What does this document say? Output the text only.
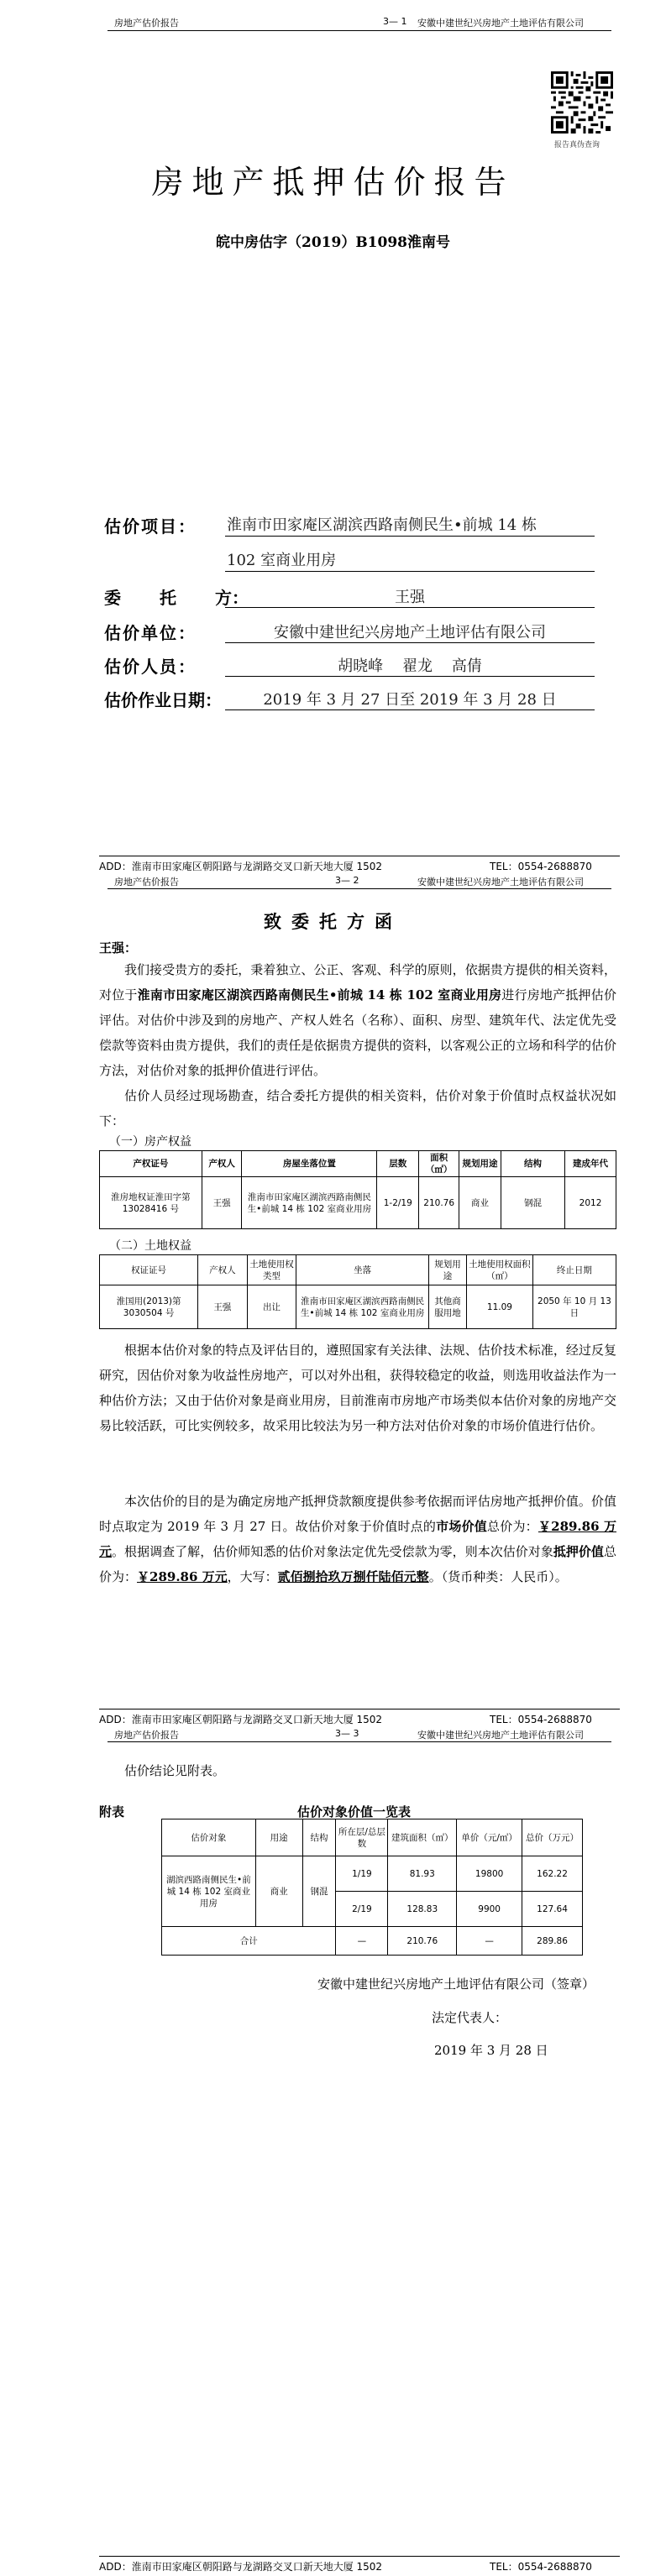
房地产估价报告	3— 1 安徽中建世纪兴房地产土地评估有限公司
报告真伪查询
房地产抵押估价报告
皖中房估字（2019）B1098淮南号
估价项目： 淮南市田家庵区湖滨西路南侧民生•前城 14 栋
102 室商业用房
委 托 方：	王强
估价单位：	安徽中建世纪兴房地产土地评估有限公司
估价人员：	胡晓峰    翟龙    高倩
估价作业日期：	2019 年 3 月 27 日至 2019 年 3 月 28 日
ADD：淮南市田家庵区朝阳路与龙湖路交叉口新天地大厦 1502	TEL：0554-2688870
房地产估价报告	3— 2	安徽中建世纪兴房地产土地评估有限公司
致委托方函
王强：
我们接受贵方的委托，秉着独立、公正、客观、科学的原则，依据贵方提供的相关资料，对位于淮南市田家庵区湖滨西路南侧民生•前城 14 栋 102 室商业用房进行房地产抵押估价评估。对估价中涉及到的房地产、产权人姓名（名称）、面积、房型、建筑年代、法定优先受偿款等资料由贵方提供，我们的责任是依据贵方提供的资料，以客观公正的立场和科学的估价方法，对估价对象的抵押价值进行评估。
估价人员经过现场勘查，结合委托方提供的相关资料，估价对象于价值时点权益状况如下：
（一）房产权益
产权证号	产权人	房屋坐落位置	层数	面积（㎡）	规划用途	结构	建成年代
淮房地权证淮田字第 13028416 号	王强	淮南市田家庵区湖滨西路南侧民生•前城 14 栋 102 室商业用房	1-2/19	210.76	商业	钢混	2012
（二）土地权益
权证证号	产权人	土地使用权类型	坐落	规划用途	土地使用权面积（㎡）	终止日期
淮国用(2013)第 3030504 号	王强	出让	淮南市田家庵区湖滨西路南侧民生•前城 14 栋 102 室商业用房	其他商服用地	11.09	2050 年 10 月 13 日
根据本估价对象的特点及评估目的，遵照国家有关法律、法规、估价技术标准，经过反复研究，因估价对象为收益性房地产，可以对外出租，获得较稳定的收益，则选用收益法作为一种估价方法；又由于估价对象是商业用房，目前淮南市房地产市场类似本估价对象的房地产交易比较活跃，可比实例较多，故采用比较法为另一种方法对估价对象的市场价值进行估价。
本次估价的目的是为确定房地产抵押贷款额度提供参考依据而评估房地产抵押价值。价值时点取定为 2019 年 3 月 27 日。故估价对象于价值时点的市场价值总价为：￥289.86 万元。根据调查了解，估价师知悉的估价对象法定优先受偿款为零，则本次估价对象抵押价值总价为：￥289.86 万元，大写：贰佰捌拾玖万捌仟陆佰元整。（货币种类：人民币）。
ADD：淮南市田家庵区朝阳路与龙湖路交叉口新天地大厦 1502	TEL：0554-2688870
房地产估价报告	3— 3	安徽中建世纪兴房地产土地评估有限公司
估价结论见附表。
附表	估价对象价值一览表
估价对象	用途	结构	所在层/总层数	建筑面积（㎡）	单价（元/㎡）	总价（万元）
湖滨西路南侧民生•前城 14 栋 102 室商业用房	商业	钢混	1/19	81.93	19800	162.22
			2/19	128.83	9900	127.64
合计			—	210.76	—	289.86
安徽中建世纪兴房地产土地评估有限公司（签章）
法定代表人：
2019 年 3 月 28 日
ADD：淮南市田家庵区朝阳路与龙湖路交叉口新天地大厦 1502	TEL：0554-2688870
